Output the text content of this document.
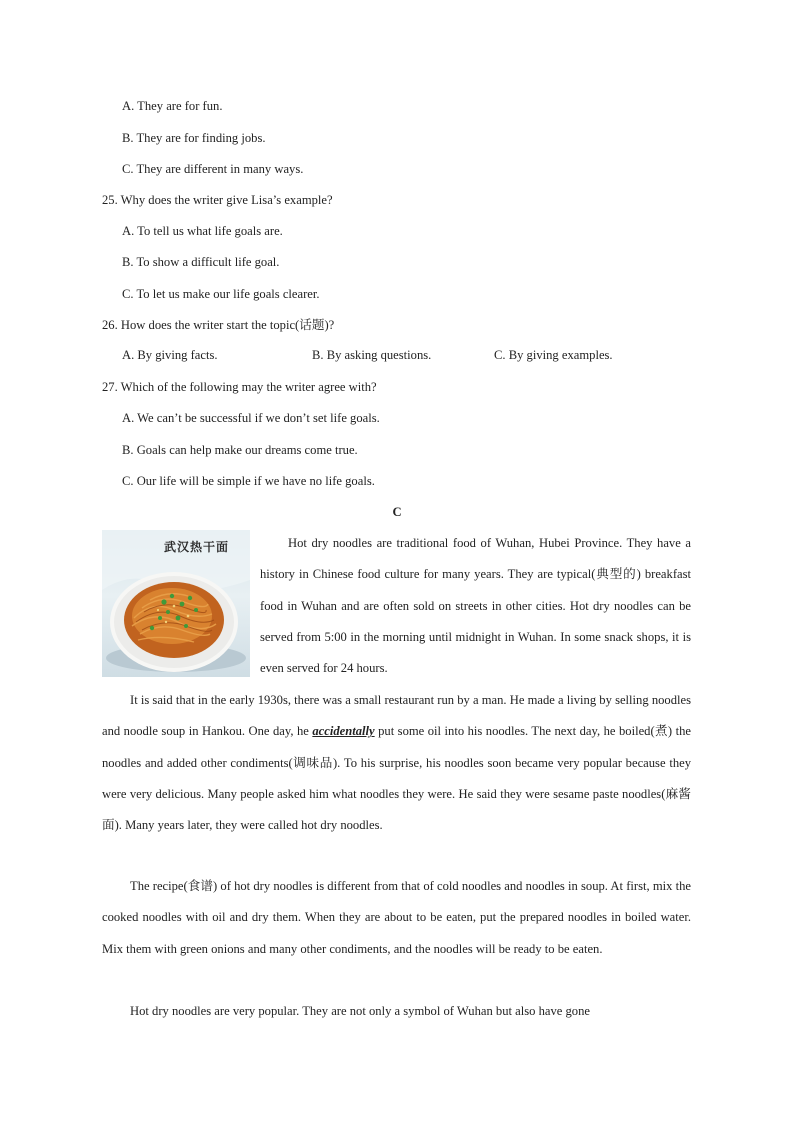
A. They are for fun.
B. They are for finding jobs.
C. They are different in many ways.
25. Why does the writer give Lisa’s example?
A. To tell us what life goals are.
B. To show a difficult life goal.
C. To let us make our life goals clearer.
26. How does the writer start the topic(话题)?
A. By giving facts.	B. By asking questions.	C. By giving examples.
27. Which of the following may the writer agree with?
A. We can’t be successful if we don’t set life goals.
B. Goals can help make our dreams come true.
C. Our life will be simple if we have no life goals.
C
武汉热干面	Hot dry noodles are traditional food of Wuhan, Hubei Province. They have a history in Chinese food culture for many years. They are typical(典型的) breakfast food in Wuhan and are often sold on streets in other cities. Hot dry noodles can be served from 5:00 in the morning until midnight in Wuhan. In some snack shops, it is even served for 24 hours.

It is said that in the early 1930s, there was a small restaurant run by a man. He made a living by selling noodles and noodle soup in Hankou. One day, he accidentally put some oil into his noodles. The next day, he boiled(煮) the noodles and added other condiments(调味品). To his surprise, his noodles soon became very popular because they were very delicious. Many people asked him what noodles they were. He said they were sesame paste noodles(麻酱面). Many years later, they were called hot dry noodles.

The recipe(食谱) of hot dry noodles is different from that of cold noodles and noodles in soup. At first, mix the cooked noodles with oil and dry them. When they are about to be eaten, put the prepared noodles in boiled water. Mix them with green onions and many other condiments, and the noodles will be ready to be eaten.

Hot dry noodles are very popular. They are not only a symbol of Wuhan but also have gone
